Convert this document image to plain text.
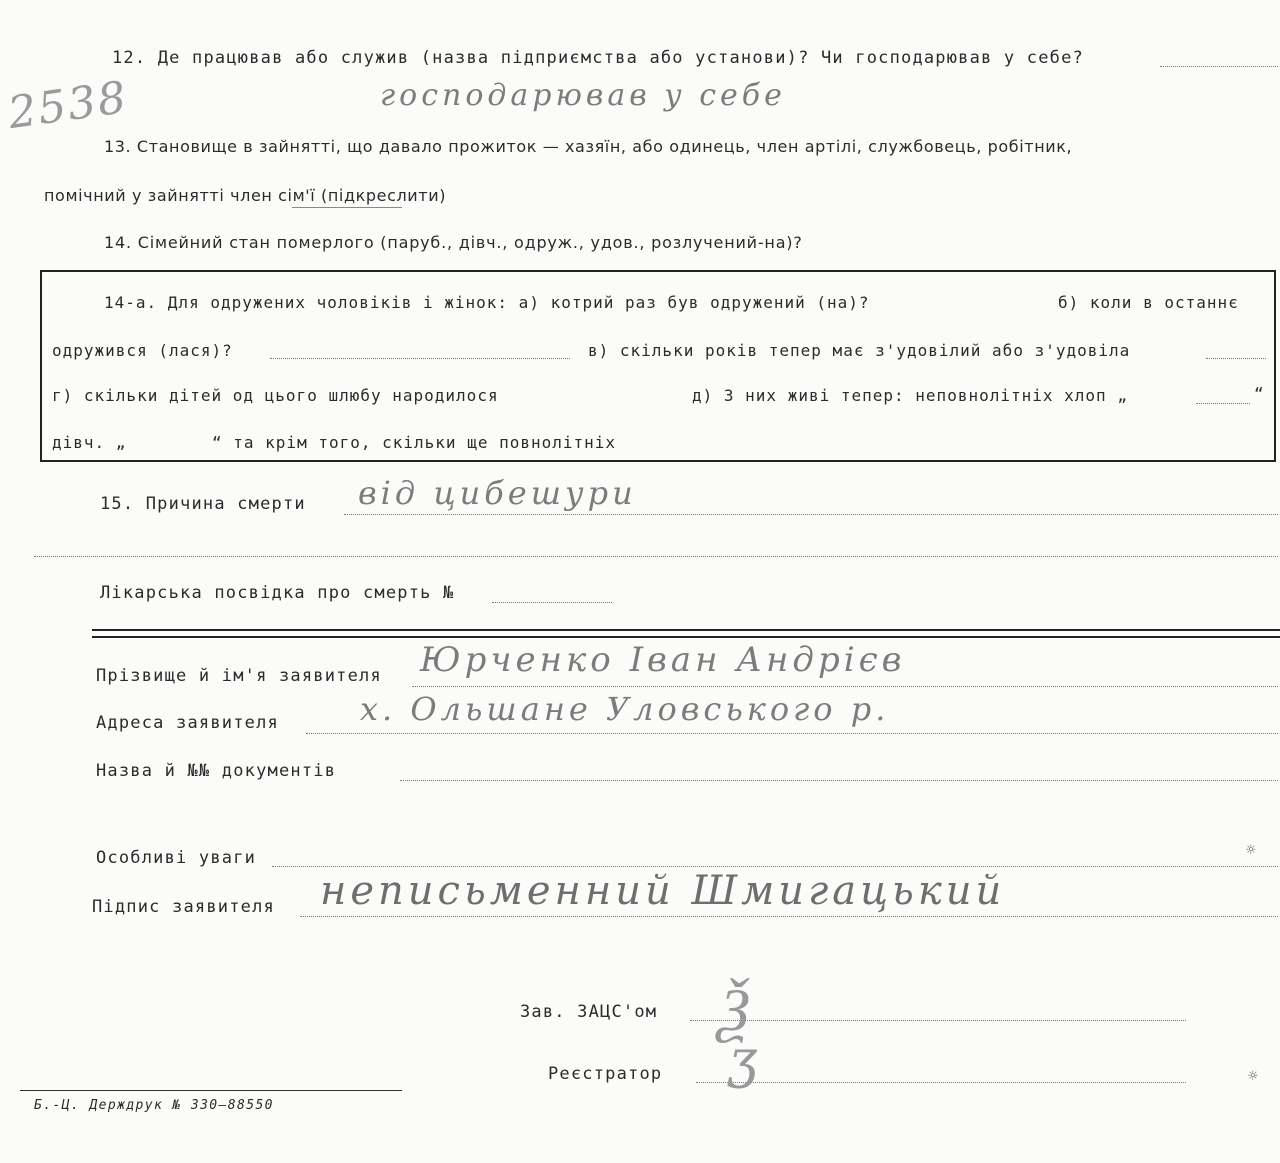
2538
12. Де працював або служив (назва підприємства або установи)? Чи господарював у себе?
господарював у себе
13. Становище в зайнятті, що давало прожиток — хазяїн, або одинець, член артілі, службовець, робітник,
помічний у зайнятті член сім'ї (підкреслити)
14. Сімейний стан померлого (паруб., дівч., одруж., удов., розлучений-на)?
14-а. Для одружених чоловіків і жінок: а) котрий раз був одружений (на)?	б) коли в останнє
одружився (лася)?	в) скільки років тепер має з'удовілий або з'удовіла
г) скільки дітей од цього шлюбу народилося	д) З них живі тепер: неповнолітніх хлоп „	“
дівч. „	“ та крім того, скільки ще повнолітніх
15. Причина смерти від цибешури
Лікарська посвідка про смерть №
Прізвище й ім'я заявителя Юрченко Іван Андрієв
Адреса заявителя	х. Ольшане Уловського р.
Назва й №№ документів
Особливі уваги	☼
Підпис заявителя неписьменний Шмигацький
Зав. ЗАЦС'ом Ѯ
Реєстратор ʒ	☼
Б.-Ц. Держдрук № 330—88550
